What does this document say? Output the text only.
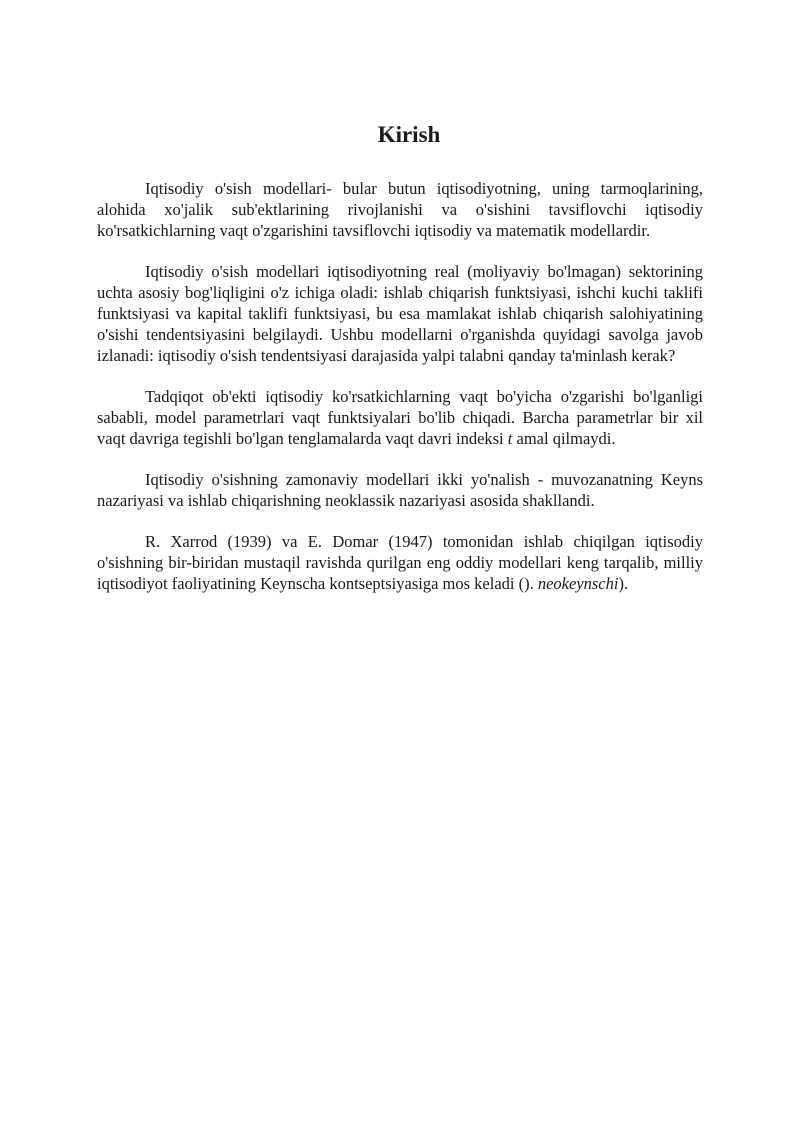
Kirish

Iqtisodiy o'sish modellari- bular butun iqtisodiyotning, uning tarmoqlarining, alohida xo'jalik sub'ektlarining rivojlanishi va o'sishini tavsiflovchi iqtisodiy ko'rsatkichlarning vaqt o'zgarishini tavsiflovchi iqtisodiy va matematik modellardir.

Iqtisodiy o'sish modellari iqtisodiyotning real (moliyaviy bo'lmagan) sektorining uchta asosiy bog'liqligini o'z ichiga oladi: ishlab chiqarish funktsiyasi, ishchi kuchi taklifi funktsiyasi va kapital taklifi funktsiyasi, bu esa mamlakat ishlab chiqarish salohiyatining o'sishi tendentsiyasini belgilaydi. Ushbu modellarni o'rganishda quyidagi savolga javob izlanadi: iqtisodiy o'sish tendentsiyasi darajasida yalpi talabni qanday ta'minlash kerak?

Tadqiqot ob'ekti iqtisodiy ko'rsatkichlarning vaqt bo'yicha o'zgarishi bo'lganligi sababli, model parametrlari vaqt funktsiyalari bo'lib chiqadi. Barcha parametrlar bir xil vaqt davriga tegishli bo'lgan tenglamalarda vaqt davri indeksi t amal qilmaydi.

Iqtisodiy o'sishning zamonaviy modellari ikki yo'nalish - muvozanatning Keyns nazariyasi va ishlab chiqarishning neoklassik nazariyasi asosida shakllandi.

R. Xarrod (1939) va E. Domar (1947) tomonidan ishlab chiqilgan iqtisodiy o'sishning bir-biridan mustaqil ravishda qurilgan eng oddiy modellari keng tarqalib, milliy iqtisodiyot faoliyatining Keynscha kontseptsiyasiga mos keladi (). neokeynschi).
